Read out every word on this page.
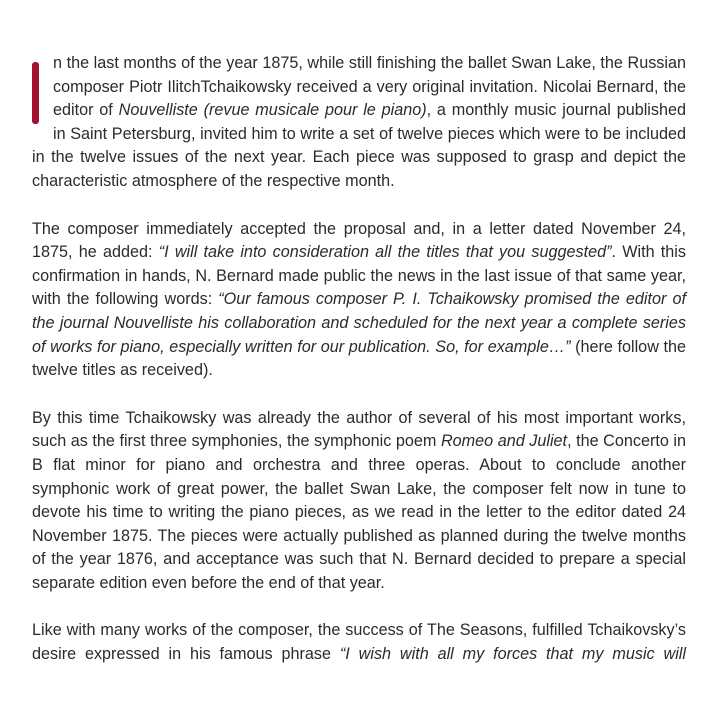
n the last months of the year 1875, while still finishing the ballet Swan Lake, the Russian composer Piotr IlitchTchaikowsky received a very original invitation. Nicolai Bernard, the editor of Nouvelliste (revue musicale pour le piano), a monthly music journal published in Saint Petersburg, invited him to write a set of twelve pieces which were to be included in the twelve issues of the next year. Each piece was supposed to grasp and depict the characteristic atmosphere of the respective month.

The composer immediately accepted the proposal and, in a letter dated November 24, 1875, he added: “I will take into consideration all the titles that you suggested”. With this confirmation in hands, N. Bernard made public the news in the last issue of that same year, with the following words: “Our famous composer P. I. Tchaikowsky promised the editor of the journal Nouvelliste his collaboration and scheduled for the next year a complete series of works for piano, especially written for our publication. So, for example…” (here follow the twelve titles as received).

By this time Tchaikowsky was already the author of several of his most important works, such as the first three symphonies, the symphonic poem Romeo and Juliet, the Concerto in B flat minor for piano and orchestra and three operas. About to conclude another symphonic work of great power, the ballet Swan Lake, the composer felt now in tune to devote his time to writing the piano pieces, as we read in the letter to the editor dated 24 November 1875. The pieces were actually published as planned during the twelve months of the year 1876, and acceptance was such that N. Bernard decided to prepare a special separate edition even before the end of that year.

Like with many works of the composer, the success of The Seasons, fulfilled Tchaikovsky’s desire expressed in his famous phrase “I wish with all my forces that my music will
